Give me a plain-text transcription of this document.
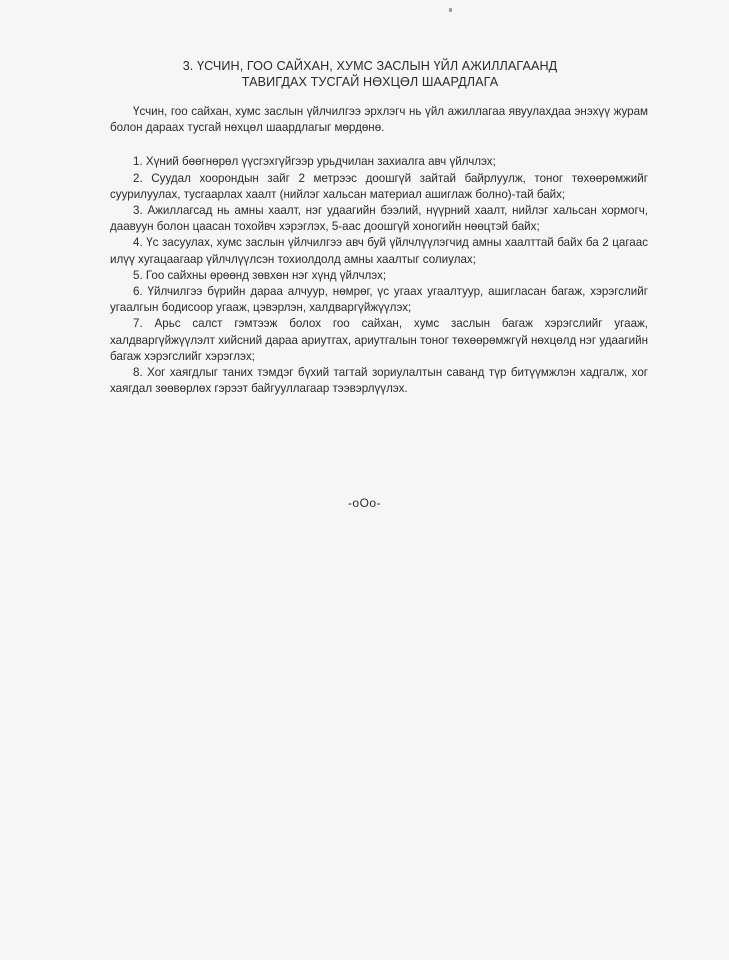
3. ҮСЧИН, ГОО САЙХАН, ХУМС ЗАСЛЫН ҮЙЛ АЖИЛЛАГААНД
ТАВИГДАХ ТУСГАЙ НӨХЦӨЛ ШААРДЛАГА

Үсчин, гоо сайхан, хумс заслын үйлчилгээ эрхлэгч нь үйл ажиллагаа явуулахдаа энэхүү журам болон дараах тусгай нөхцөл шаардлагыг мөрдөнө.

1. Хүний бөөгнөрөл үүсгэхгүйгээр урьдчилан захиалга авч үйлчлэх;

2. Суудал хоорондын зайг 2 метрээс доошгүй зайтай байрлуулж, тоног төхөөрөмжийг суурилуулах, тусгаарлах хаалт (нийлэг хальсан материал ашиглаж болно)-тай байх;

3. Ажиллагсад нь амны хаалт, нэг удаагийн бээлий, нүүрний хаалт, нийлэг хальсан хормогч, даавуун болон цаасан тохойвч хэрэглэх, 5-аас доошгүй хоногийн нөөцтэй байх;

4. Үс засуулах, хумс заслын үйлчилгээ авч буй үйлчлүүлэгчид амны хаалттай байх ба 2 цагаас илүү хугацаагаар үйлчлүүлсэн тохиолдолд амны хаалтыг солиулах;

5. Гоо сайхны өрөөнд зөвхөн нэг хүнд үйлчлэх;

6. Үйлчилгээ бүрийн дараа алчуур, нөмрөг, үс угаах угаалтуур, ашигласан багаж, хэрэгслийг угаалгын бодисоор угааж, цэвэрлэн, халдваргүйжүүлэх;

7. Арьс салст гэмтээж болох гоо сайхан, хумс заслын багаж хэрэгслийг угааж, халдваргүйжүүлэлт хийсний дараа ариутгах, ариутгалын тоног төхөөрөмжгүй нөхцөлд нэг удаагийн багаж хэрэгслийг хэрэглэх;

8. Хог хаягдлыг таних тэмдэг бүхий тагтай зориулалтын саванд түр битүүмжлэн хадгалж, хог хаягдал зөөвөрлөх гэрээт байгууллагаар тээвэрлүүлэх.

-oOo-
